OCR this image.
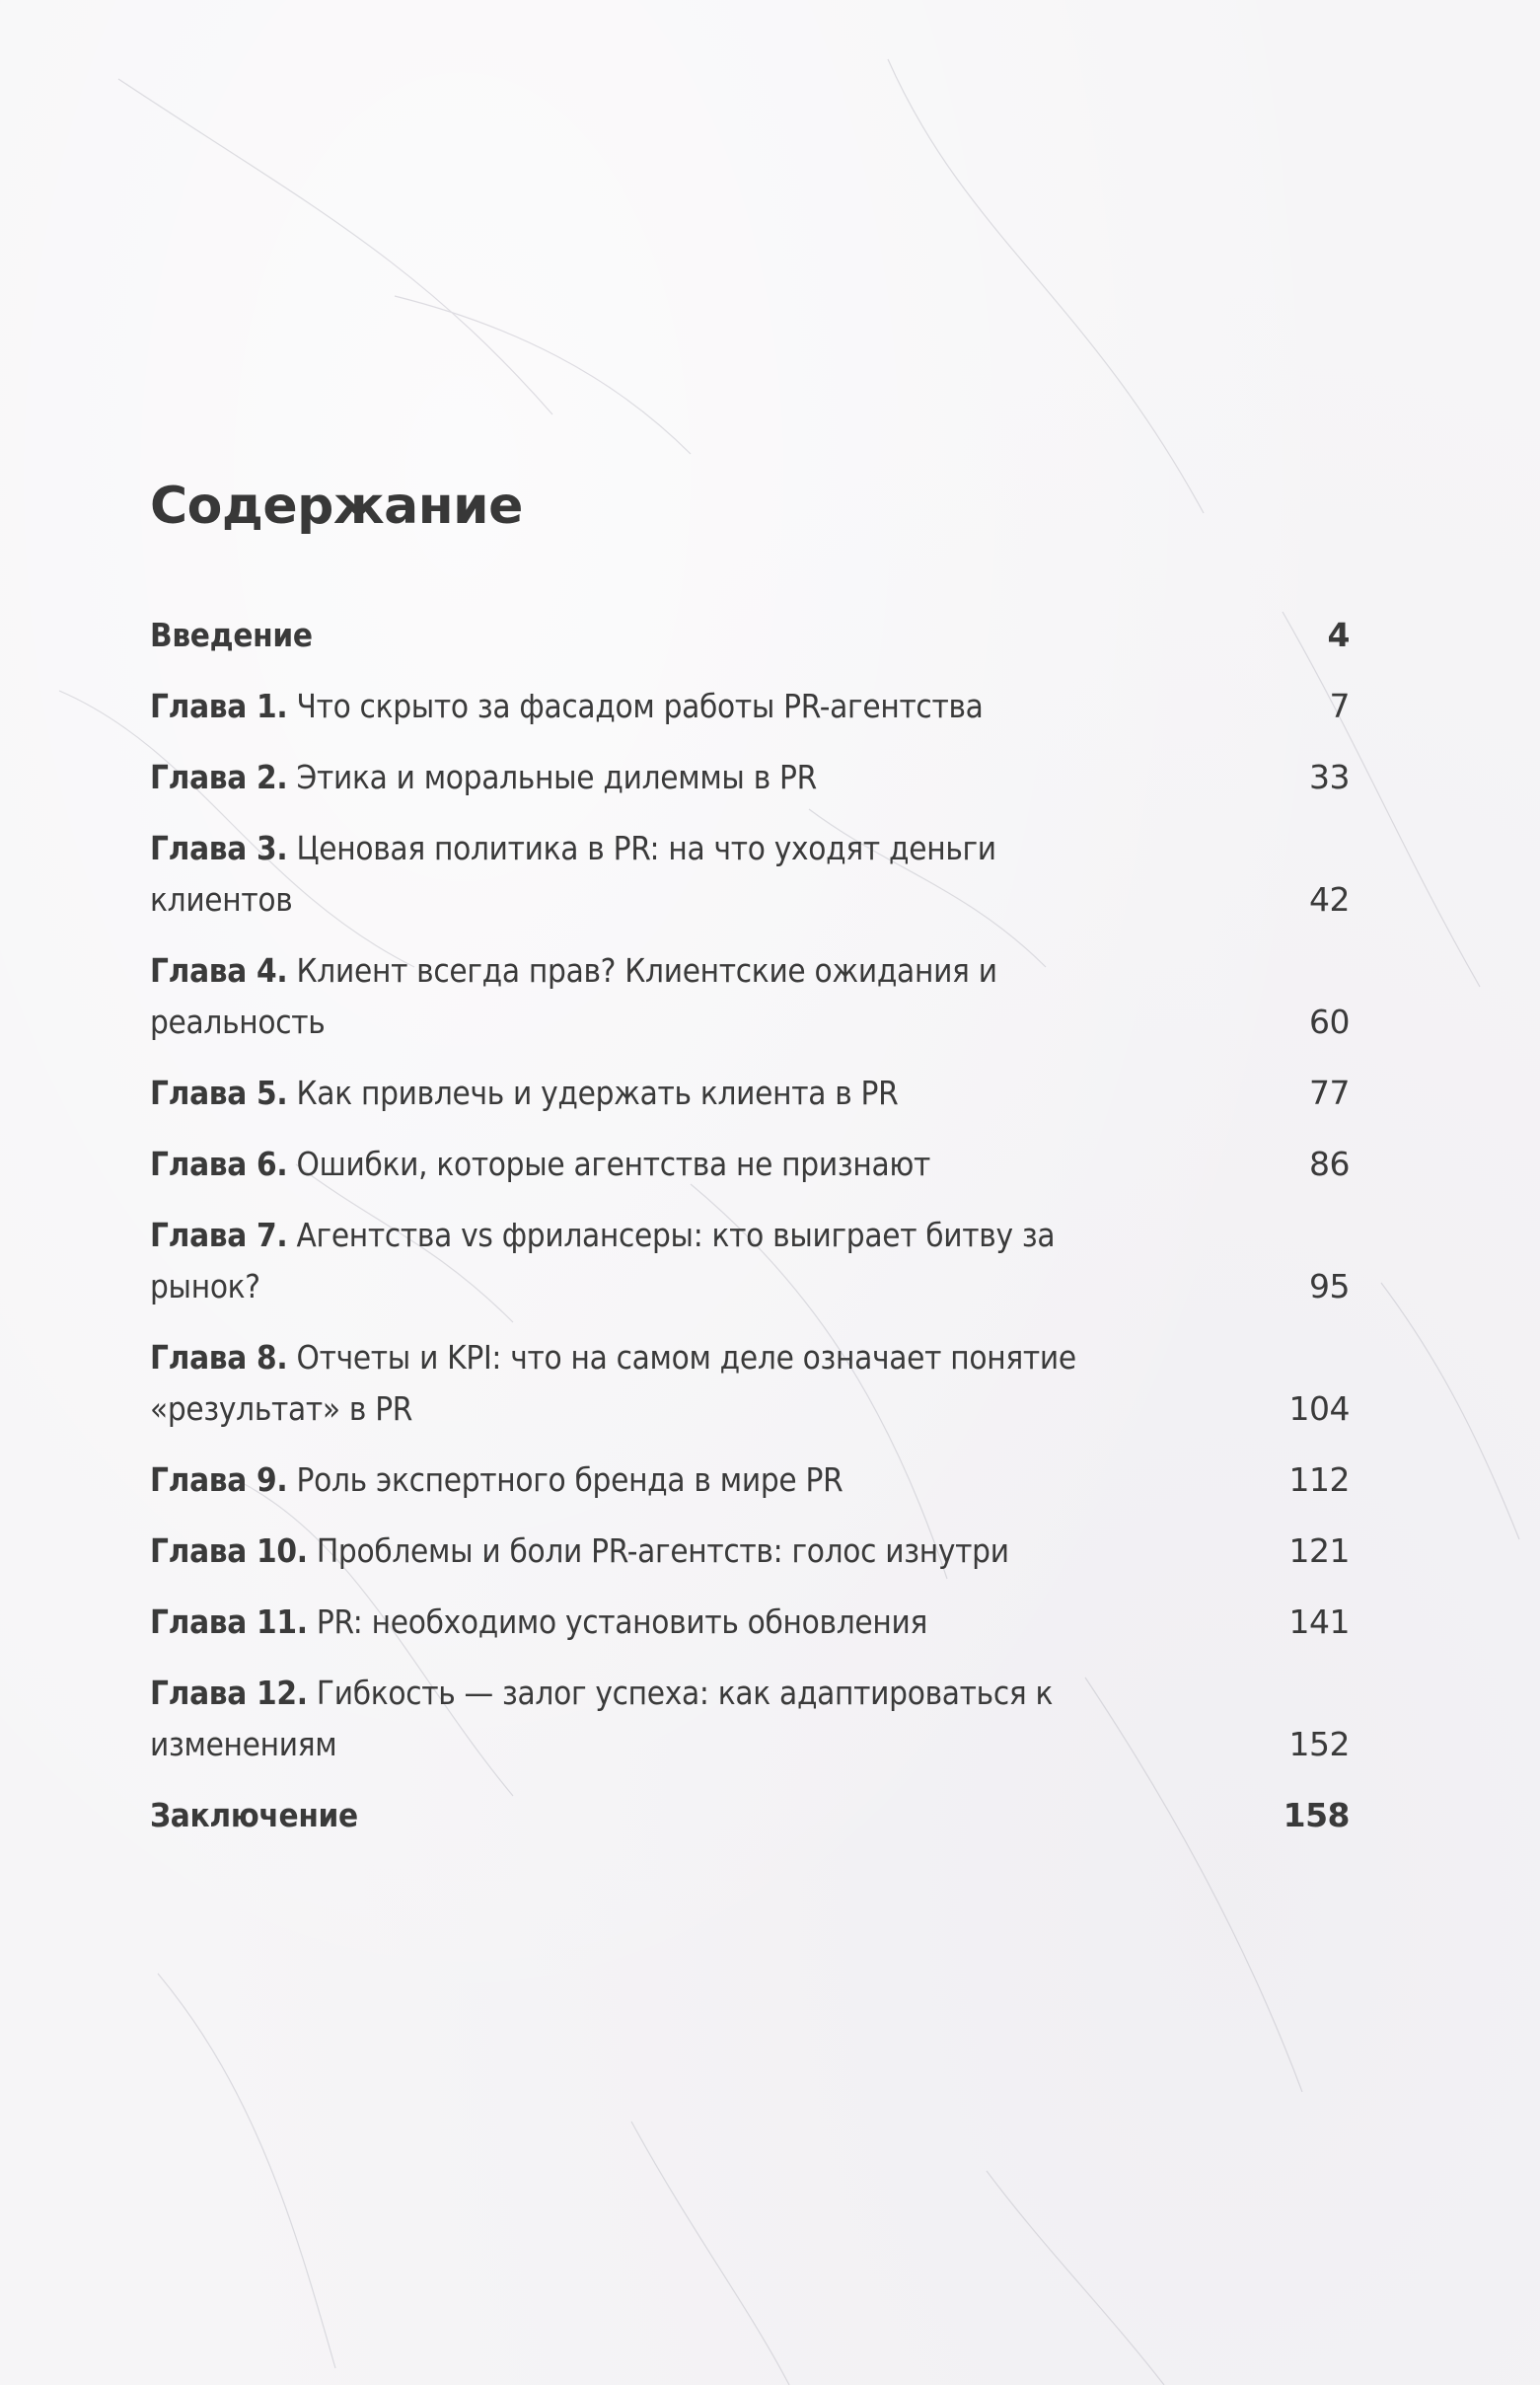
Содержание
Введение	4
Глава 1. Что скрыто за фасадом работы PR-агентства	7
Глава 2. Этика и моральные дилеммы в PR	33
Глава 3. Ценовая политика в PR: на что уходят деньги клиентов	42
Глава 4. Клиент всегда прав? Клиентские ожидания и реальность	60
Глава 5. Как привлечь и удержать клиента в PR	77
Глава 6. Ошибки, которые агентства не признают	86
Глава 7. Агентства vs фрилансеры: кто выиграет битву за рынок?	95
Глава 8. Отчеты и KPI: что на самом деле означает понятие «результат» в PR	104
Глава 9. Роль экспертного бренда в мире PR	112
Глава 10. Проблемы и боли PR-агентств: голос изнутри	121
Глава 11. PR: необходимо установить обновления	141
Глава 12. Гибкость — залог успеха: как адаптироваться к изменениям	152
Заключение	158
